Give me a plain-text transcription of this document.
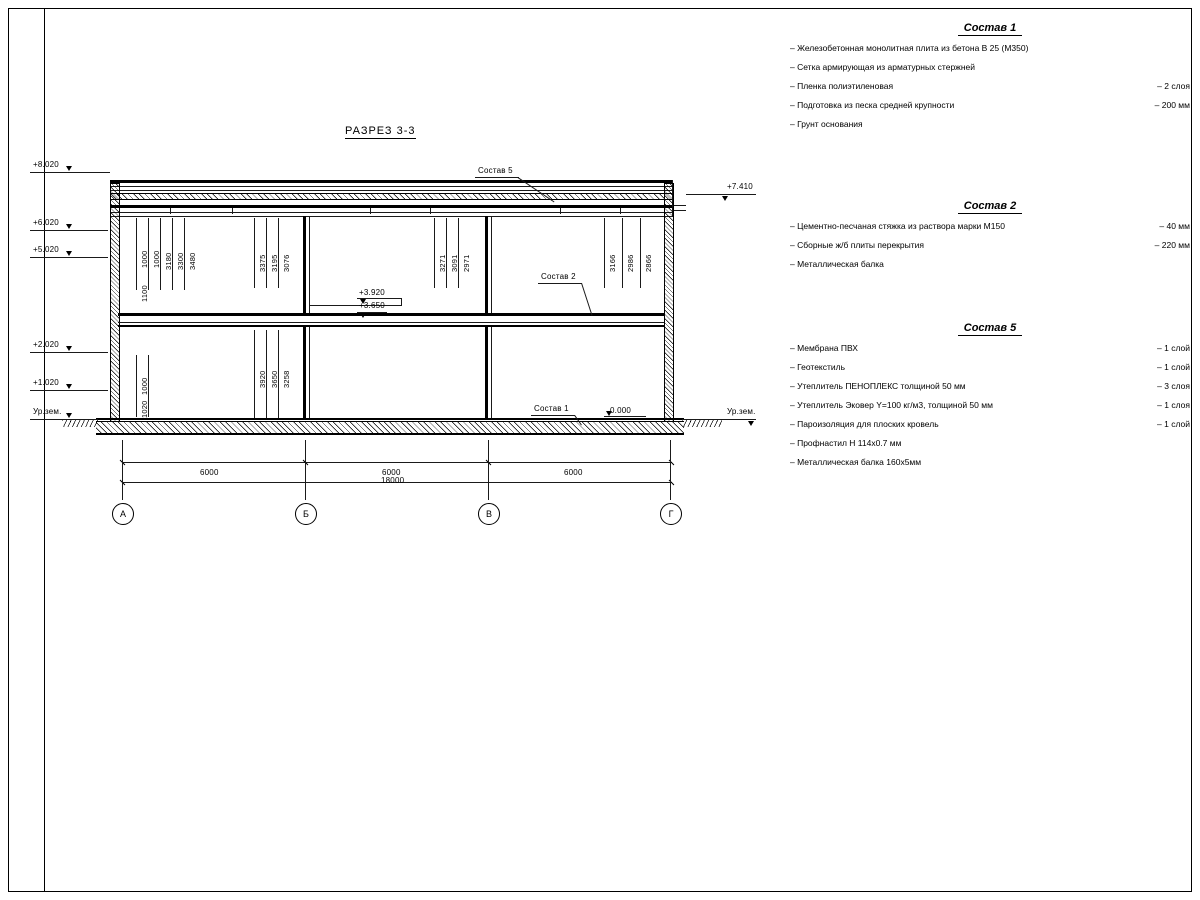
РАЗРЕЗ 3-3
+8.020
+6.020
+5.020
+2.020
+1.020
Ур.зем.
+7.410
Ур.зем.
+3.920
+3.650
0.000
Состав 5
Состав 2
Состав 1
1000 1000 3180 3300 3480
1100
1000
1020
3375 3195 3076
3920 3650 3258
3271 3091 2971	3166 2986 2866
6000	6000	6000
18000
А	Б	В	Г
Состав 1
– Железобетонная монолитная плита из бетона В 25 (М350)
– Сетка армирующая из арматурных стержней
– Пленка полиэтиленовая	– 2 слоя
– Подготовка из песка средней крупности	– 200 мм
– Грунт основания
Состав 2
– Цементно-песчаная стяжка из раствора марки М150	– 40 мм
– Сборные ж/б плиты перекрытия	– 220 мм
– Металлическая балка
Состав 5
– Мембрана ПВХ	– 1 слой
– Геотекстиль	– 1 слой
– Утеплитель ПЕНОПЛЕКС толщиной 50 мм	– 3 слоя
– Утеплитель Эковер Y=100 кг/м3, толщиной 50 мм	– 1 слоя
– Пароизоляция для плоских кровель	– 1 слой
– Профнастил Н 114х0.7 мм
– Металлическая балка 160х5мм
